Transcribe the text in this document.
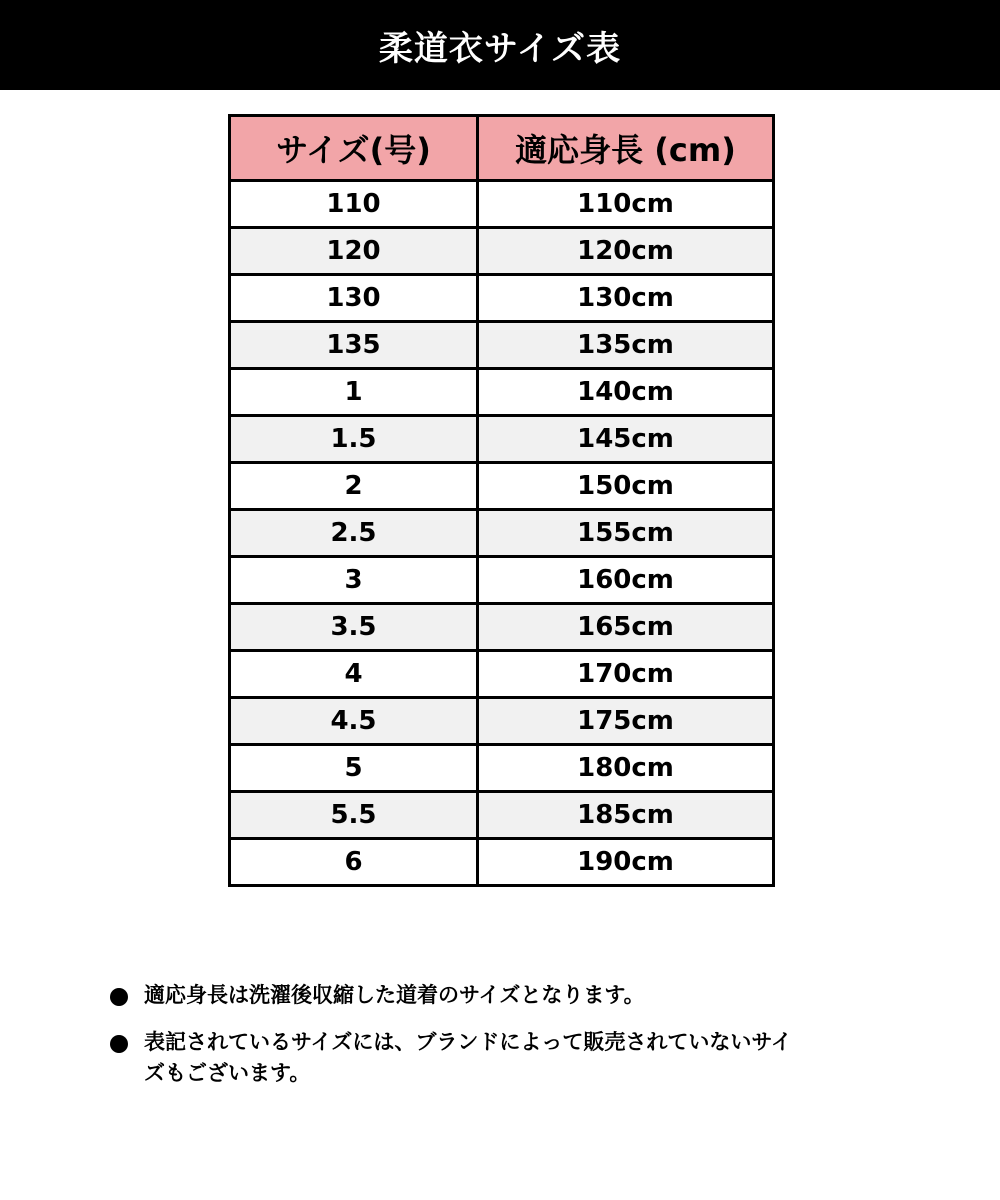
柔道衣サイズ表
サイズ(号)	適応身長 (cm)
110	110cm
120	120cm
130	130cm
135	135cm
1	140cm
1.5	145cm
2	150cm
2.5	155cm
3	160cm
3.5	165cm
4	170cm
4.5	175cm
5	180cm
5.5	185cm
6	190cm
適応身長は洗濯後収縮した道着のサイズとなります。
表記されているサイズには、ブランドによって販売されていないサイズもございます。
